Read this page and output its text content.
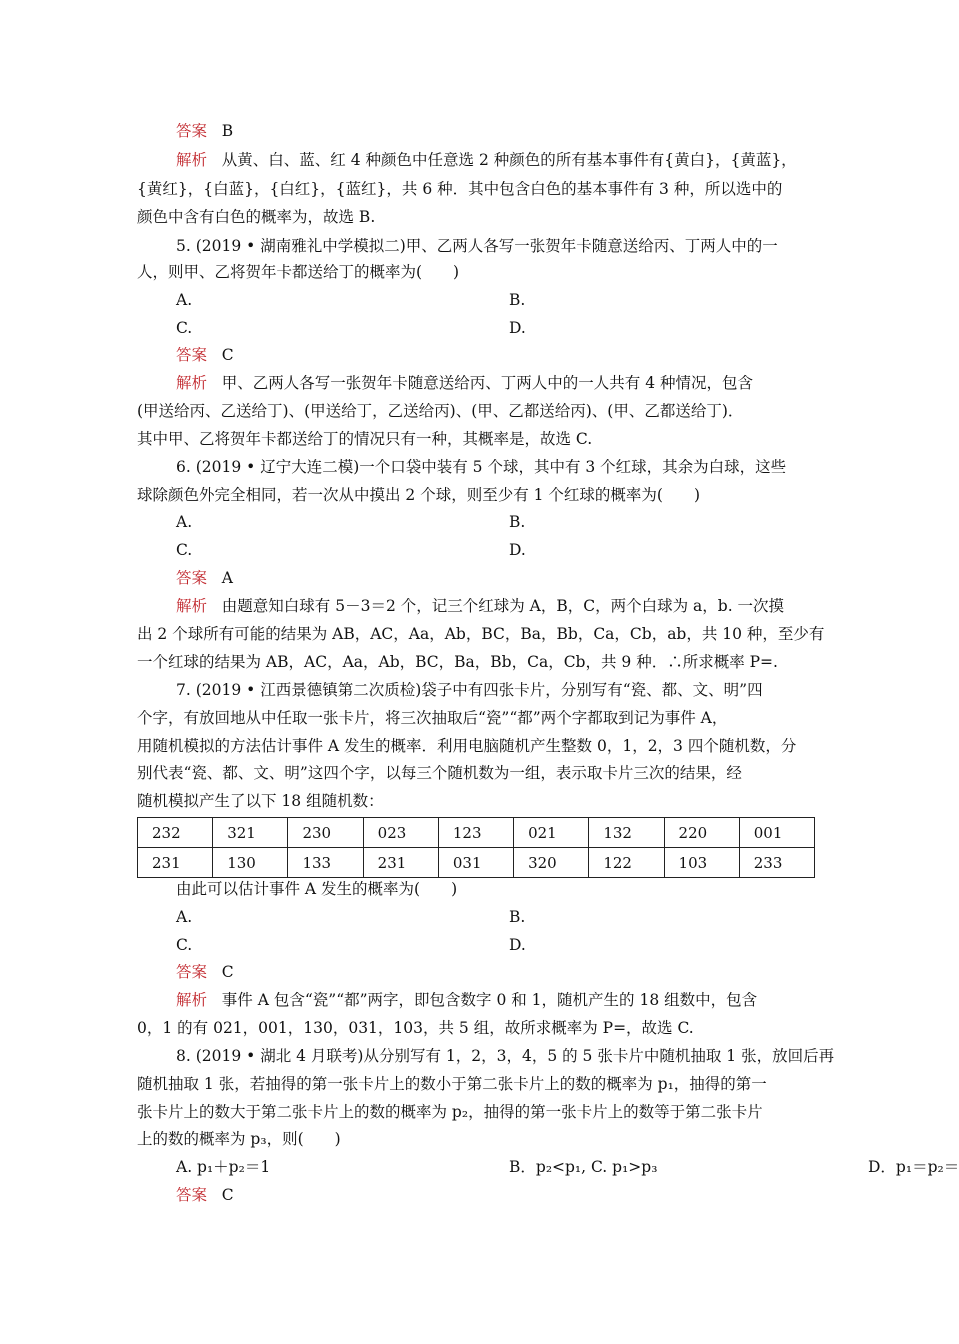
答案 B
解析 从黄、白、蓝、红 4 种颜色中任意选 2 种颜色的所有基本事件有{黄白}，{黄蓝}，
{黄红}，{白蓝}，{白红}，{蓝红}，共 6 种．其中包含白色的基本事件有 3 种，所以选中的
颜色中含有白色的概率为，故选 B.
5. (2019 • 湖南雅礼中学模拟二)甲、乙两人各写一张贺年卡随意送给丙、丁两人中的一
人，则甲、乙将贺年卡都送给丁的概率为(　　)
A.	B.
C.	D.
答案 C
解析 甲、乙两人各写一张贺年卡随意送给丙、丁两人中的一人共有 4 种情况，包含
(甲送给丙、乙送给丁)、(甲送给丁，乙送给丙)、(甲、乙都送给丙)、(甲、乙都送给丁)．
其中甲、乙将贺年卡都送给丁的情况只有一种，其概率是，故选 C.
6. (2019 • 辽宁大连二模)一个口袋中装有 5 个球，其中有 3 个红球，其余为白球，这些
球除颜色外完全相同，若一次从中摸出 2 个球，则至少有 1 个红球的概率为(　　)
A.	B.
C.	D.
答案 A
解析 由题意知白球有 5－3＝2 个，记三个红球为 A，B，C，两个白球为 a，b. 一次摸
出 2 个球所有可能的结果为 AB，AC，Aa，Ab，BC，Ba，Bb，Ca，Cb，ab，共 10 种，至少有
一个红球的结果为 AB，AC，Aa，Ab，BC，Ba，Bb，Ca，Cb，共 9 种．∴所求概率 P=.
7. (2019 • 江西景德镇第二次质检)袋子中有四张卡片，分别写有“瓷、都、文、明”四
个字，有放回地从中任取一张卡片，将三次抽取后“瓷”“都”两个字都取到记为事件 A，
用随机模拟的方法估计事件 A 发生的概率．利用电脑随机产生整数 0，1，2，3 四个随机数，分
别代表“瓷、都、文、明”这四个字，以每三个随机数为一组，表示取卡片三次的结果，经
随机模拟产生了以下 18 组随机数：
232	321	230	023	123	021	132	220	001
231	130	133	231	031	320	122	103	233
由此可以估计事件 A 发生的概率为(　　)
A.	B.
C.	D.
答案 C
解析 事件 A 包含“瓷”“都”两字，即包含数字 0 和 1，随机产生的 18 组数中，包含
0，1 的有 021，001，130，031，103，共 5 组，故所求概率为 P=，故选 C.
8. (2019 • 湖北 4 月联考)从分别写有 1，2，3，4，5 的 5 张卡片中随机抽取 1 张，放回后再
随机抽取 1 张，若抽得的第一张卡片上的数小于第二张卡片上的数的概率为 p₁，抽得的第一
张卡片上的数大于第二张卡片上的数的概率为 p₂，抽得的第一张卡片上的数等于第二张卡片
上的数的概率为 p₃，则(　　)
A. p₁＋p₂＝1	B．p₂<p₁, C. p₁>p₃	D．p₁＝p₂＝
答案 C
